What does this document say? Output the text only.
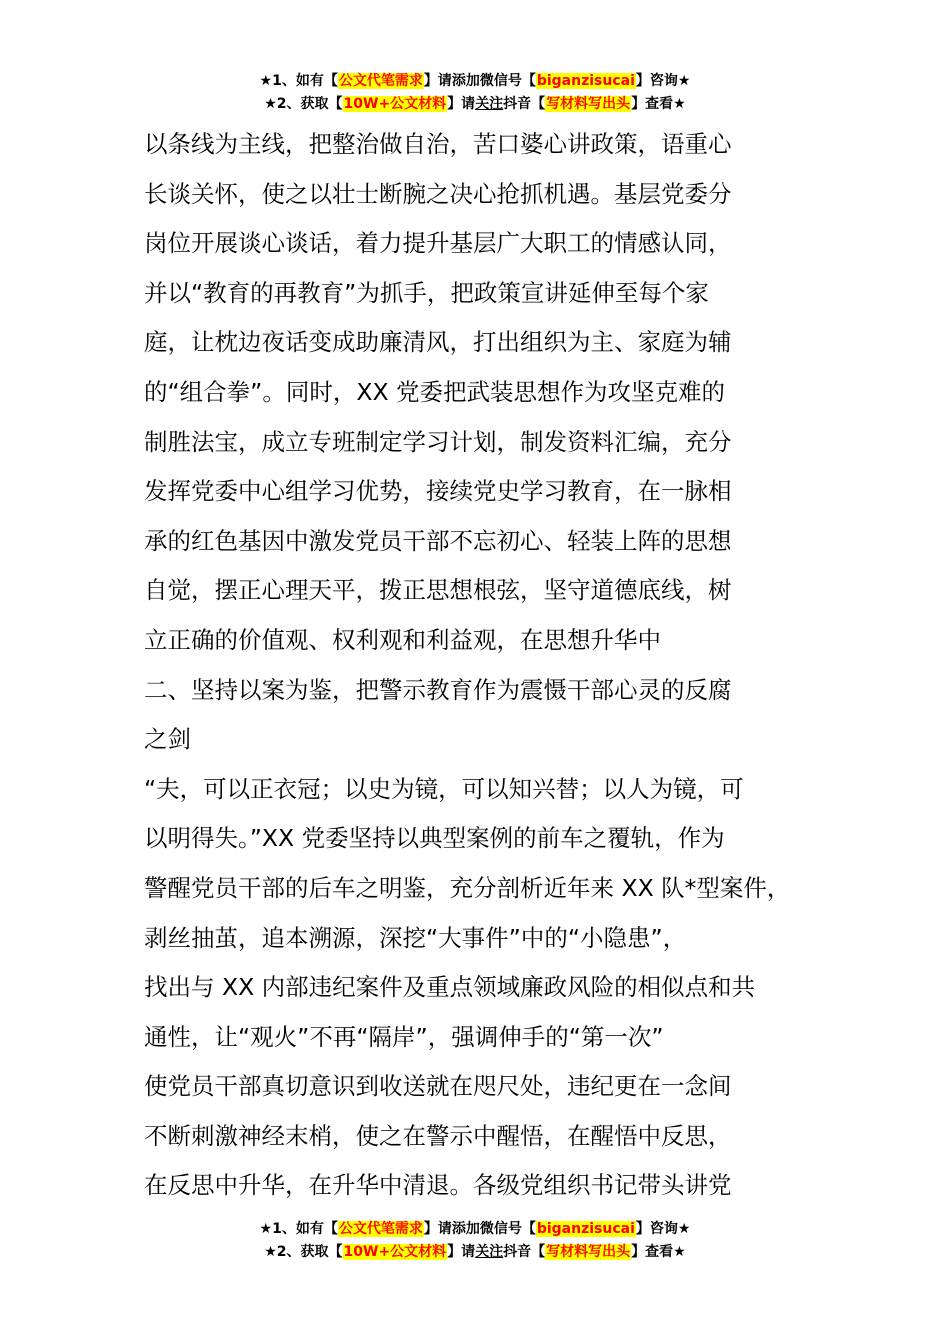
★1、如有【公文代笔需求】请添加微信号【biganzisucai】咨询★
★2、获取【10W+公文材料】请关注抖音【写材料写出头】查看★
以条线为主线，把整治做自治，苦口婆心讲政策，语重心
长谈关怀，使之以壮士断腕之决心抢抓机遇。基层党委分
岗位开展谈心谈话，着力提升基层广大职工的情感认同，
并以“教育的再教育”为抓手，把政策宣讲延伸至每个家
庭，让枕边夜话变成助廉清风，打出组织为主、家庭为辅
的“组合拳”。同时，XX 党委把武装思想作为攻坚克难的
制胜法宝，成立专班制定学习计划，制发资料汇编，充分
发挥党委中心组学习优势，接续党史学习教育，在一脉相
承的红色基因中激发党员干部不忘初心、轻装上阵的思想
自觉，摆正心理天平，拨正思想根弦，坚守道德底线，树
立正确的价值观、权利观和利益观，在思想升华中
二、坚持以案为鉴，把警示教育作为震慑干部心灵的反腐
之剑
“夫，可以正衣冠；以史为镜，可以知兴替；以人为镜，可
以明得失。”XX 党委坚持以典型案例的前车之覆轨，作为
警醒党员干部的后车之明鉴，充分剖析近年来 XX 队*型案件，
剥丝抽茧，追本溯源，深挖“大事件”中的“小隐患”，
找出与 XX 内部违纪案件及重点领域廉政风险的相似点和共
通性，让“观火”不再“隔岸”，强调伸手的“第一次”
使党员干部真切意识到收送就在咫尺处，违纪更在一念间
不断刺激神经末梢，使之在警示中醒悟，在醒悟中反思，
在反思中升华，在升华中清退。各级党组织书记带头讲党
★1、如有【公文代笔需求】请添加微信号【biganzisucai】咨询★
★2、获取【10W+公文材料】请关注抖音【写材料写出头】查看★
